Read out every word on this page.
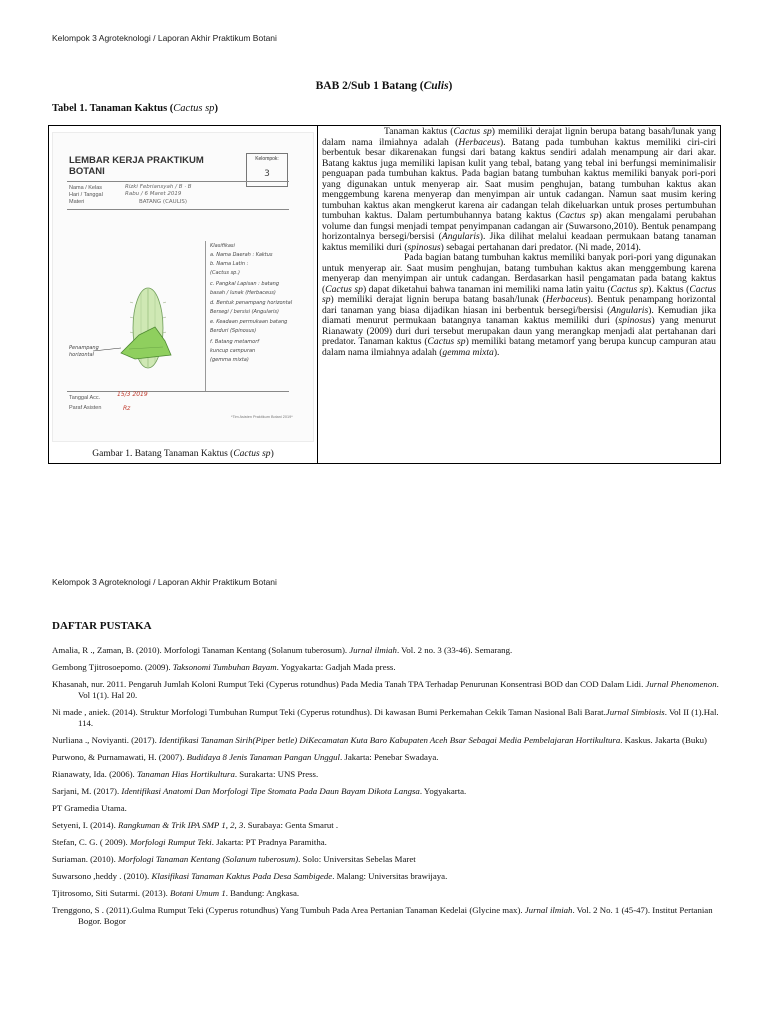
Kelompok 3 Agroteknologi / Laporan Akhir Praktikum Botani
BAB 2/Sub 1 Batang (Culis)
Tabel 1. Tanaman Kaktus (Cactus sp)
LEMBAR KERJA PRAKTIKUM BOTANI
Kelompok:
3
Nama / Kelas
Hari / Tanggal
Materi
Rizki Febriansyah / B · B
Rabu / 6 Maret 2019
BATANG (CAULIS)
Penampang horizontal
Klasifikasi
a. Nama Daerah : Kaktus
b. Nama Latin :
(Cactus sp.)
c. Pangkal Lapisan : batang
basah / lunak (Herbaceus)
d. Bentuk penampang horizontal
Bersegi / bersisi (Angularis)
e. Keadaan permukaan batang
Berduri (Spinosus)
f. Batang metamorf
kuncup campuran
(gemma mixta)
Tanggal Acc.
Paraf Asisten
15/3 2019
Rz
*Tim Asisten Praktikum Botani 2019*
Gambar 1. Batang Tanaman Kaktus (Cactus sp)

Tanaman kaktus (Cactus sp) memiliki derajat lignin berupa batang basah/lunak yang dalam nama ilmiahnya adalah (Herbaceus). Batang pada tumbuhan kaktus memiliki ciri-ciri berbentuk besar dikarenakan fungsi dari batang kaktus sendiri adalah menampung air dari akar. Batang kaktus juga memiliki lapisan kulit yang tebal, batang yang tebal ini berfungsi meminimalisir penguapan pada tumbuhan kaktus. Pada bagian batang tumbuhan kaktus memiliki banyak pori-pori yang digunakan untuk menyerap air. Saat musim penghujan, batang tumbuhan kaktus akan menggembung karena menyerap dan menyimpan air untuk cadangan. Namun saat musim kering tumbuhan kaktus akan mengkerut karena air cadangan telah dikeluarkan untuk proses pertumbuhan tumbuhan kaktus. Dalam pertumbuhannya batang kaktus (Cactus sp) akan mengalami perubahan volume dan fungsi menjadi tempat penyimpanan cadangan air (Suwarsono,2010). Bentuk penampang horizontalnya bersegi/bersisi (Angularis). Jika dilihat melalui keadaan permukaan batang tanaman kaktus memiliki duri (spinosus) sebagai pertahanan dari predator. (Ni made, 2014).

Pada bagian batang tumbuhan kaktus memiliki banyak pori-pori yang digunakan untuk menyerap air. Saat musim penghujan, batang tumbuhan kaktus akan menggembung karena menyerap dan menyimpan air untuk cadangan. Berdasarkan hasil pengamatan pada batang kaktus (Cactus sp) dapat diketahui bahwa tanaman ini memiliki nama latin yaitu (Cactus sp). Kaktus (Cactus sp) memiliki derajat lignin berupa batang basah/lunak (Herbaceus). Bentuk penampang horizontal dari tanaman yang biasa dijadikan hiasan ini berbentuk bersegi/bersisi (Angularis). Kemudian jika diamati menurut permukaan batangnya tanaman kaktus memiliki duri (spinosus) yang menurut Rianawaty (2009) duri duri tersebut merupakan daun yang merangkap menjadi alat pertahanan dari predator. Tanaman kaktus (Cactus sp) memiliki batang metamorf yang berupa kuncup campuran atau dalam nama ilmiahnya adalah (gemma mixta).

Kelompok 3 Agroteknologi / Laporan Akhir Praktikum Botani
DAFTAR PUSTAKA
Amalia, R ., Zaman, B. (2010). Morfologi Tanaman Kentang (Solanum tuberosum). Jurnal ilmiah. Vol. 2 no. 3 (33-46). Semarang.
Gembong Tjitrosoepomo. (2009). Taksonomi Tumbuhan Bayam. Yogyakarta: Gadjah Mada press.
Khasanah, nur. 2011. Pengaruh Jumlah Koloni Rumput Teki (Cyperus rotundhus) Pada Media Tanah TPA Terhadap Penurunan Konsentrasi BOD dan COD Dalam Lidi. Jurnal Phenomenon. Vol 1(1). Hal 20.
Ni made , aniek. (2014). Struktur Morfologi Tumbuhan Rumput Teki (Cyperus rotundhus). Di kawasan Bumi Perkemahan Cekik Taman Nasional Bali Barat.Jurnal Simbiosis. Vol II (1).Hal. 114.
Nurliana ., Noviyanti. (2017). Identifikasi Tanaman Sirih(Piper betle) DiKecamatan Kuta Baro Kabupaten Aceh Bsar Sebagai Media Pembelajaran Hortikultura. Kaskus. Jakarta (Buku)
Purwono, & Purnamawati, H. (2007). Budidaya 8 Jenis Tanaman Pangan Unggul. Jakarta: Penebar Swadaya.
Rianawaty, Ida. (2006). Tanaman Hias Hortikultura. Surakarta: UNS Press.
Sarjani, M. (2017). Identifikasi Anatomi Dan Morfologi Tipe Stomata Pada Daun Bayam Dikota Langsa. Yogyakarta.
PT Gramedia Utama.
Setyeni, I. (2014). Rangkuman & Trik IPA SMP 1, 2, 3. Surabaya: Genta Smarut .
Stefan, C. G. ( 2009). Morfologi Rumput Teki. Jakarta: PT Pradnya Paramitha.
Suriaman. (2010). Morfologi Tanaman Kentang (Solanum tuberosum). Solo: Universitas Sebelas Maret
Suwarsono ,heddy . (2010). Klasifikasi Tanaman Kaktus Pada Desa Sambigede. Malang: Universitas brawijaya.
Tjitrosomo, Siti Sutarmi. (2013). Botani Umum 1. Bandung: Angkasa.
Trenggono, S . (2011).Gulma Rumput Teki (Cyperus rotundhus) Yang Tumbuh Pada Area Pertanian Tanaman Kedelai (Glycine max). Jurnal ilmiah. Vol. 2 No. 1 (45-47). Institut Pertanian Bogor. Bogor
